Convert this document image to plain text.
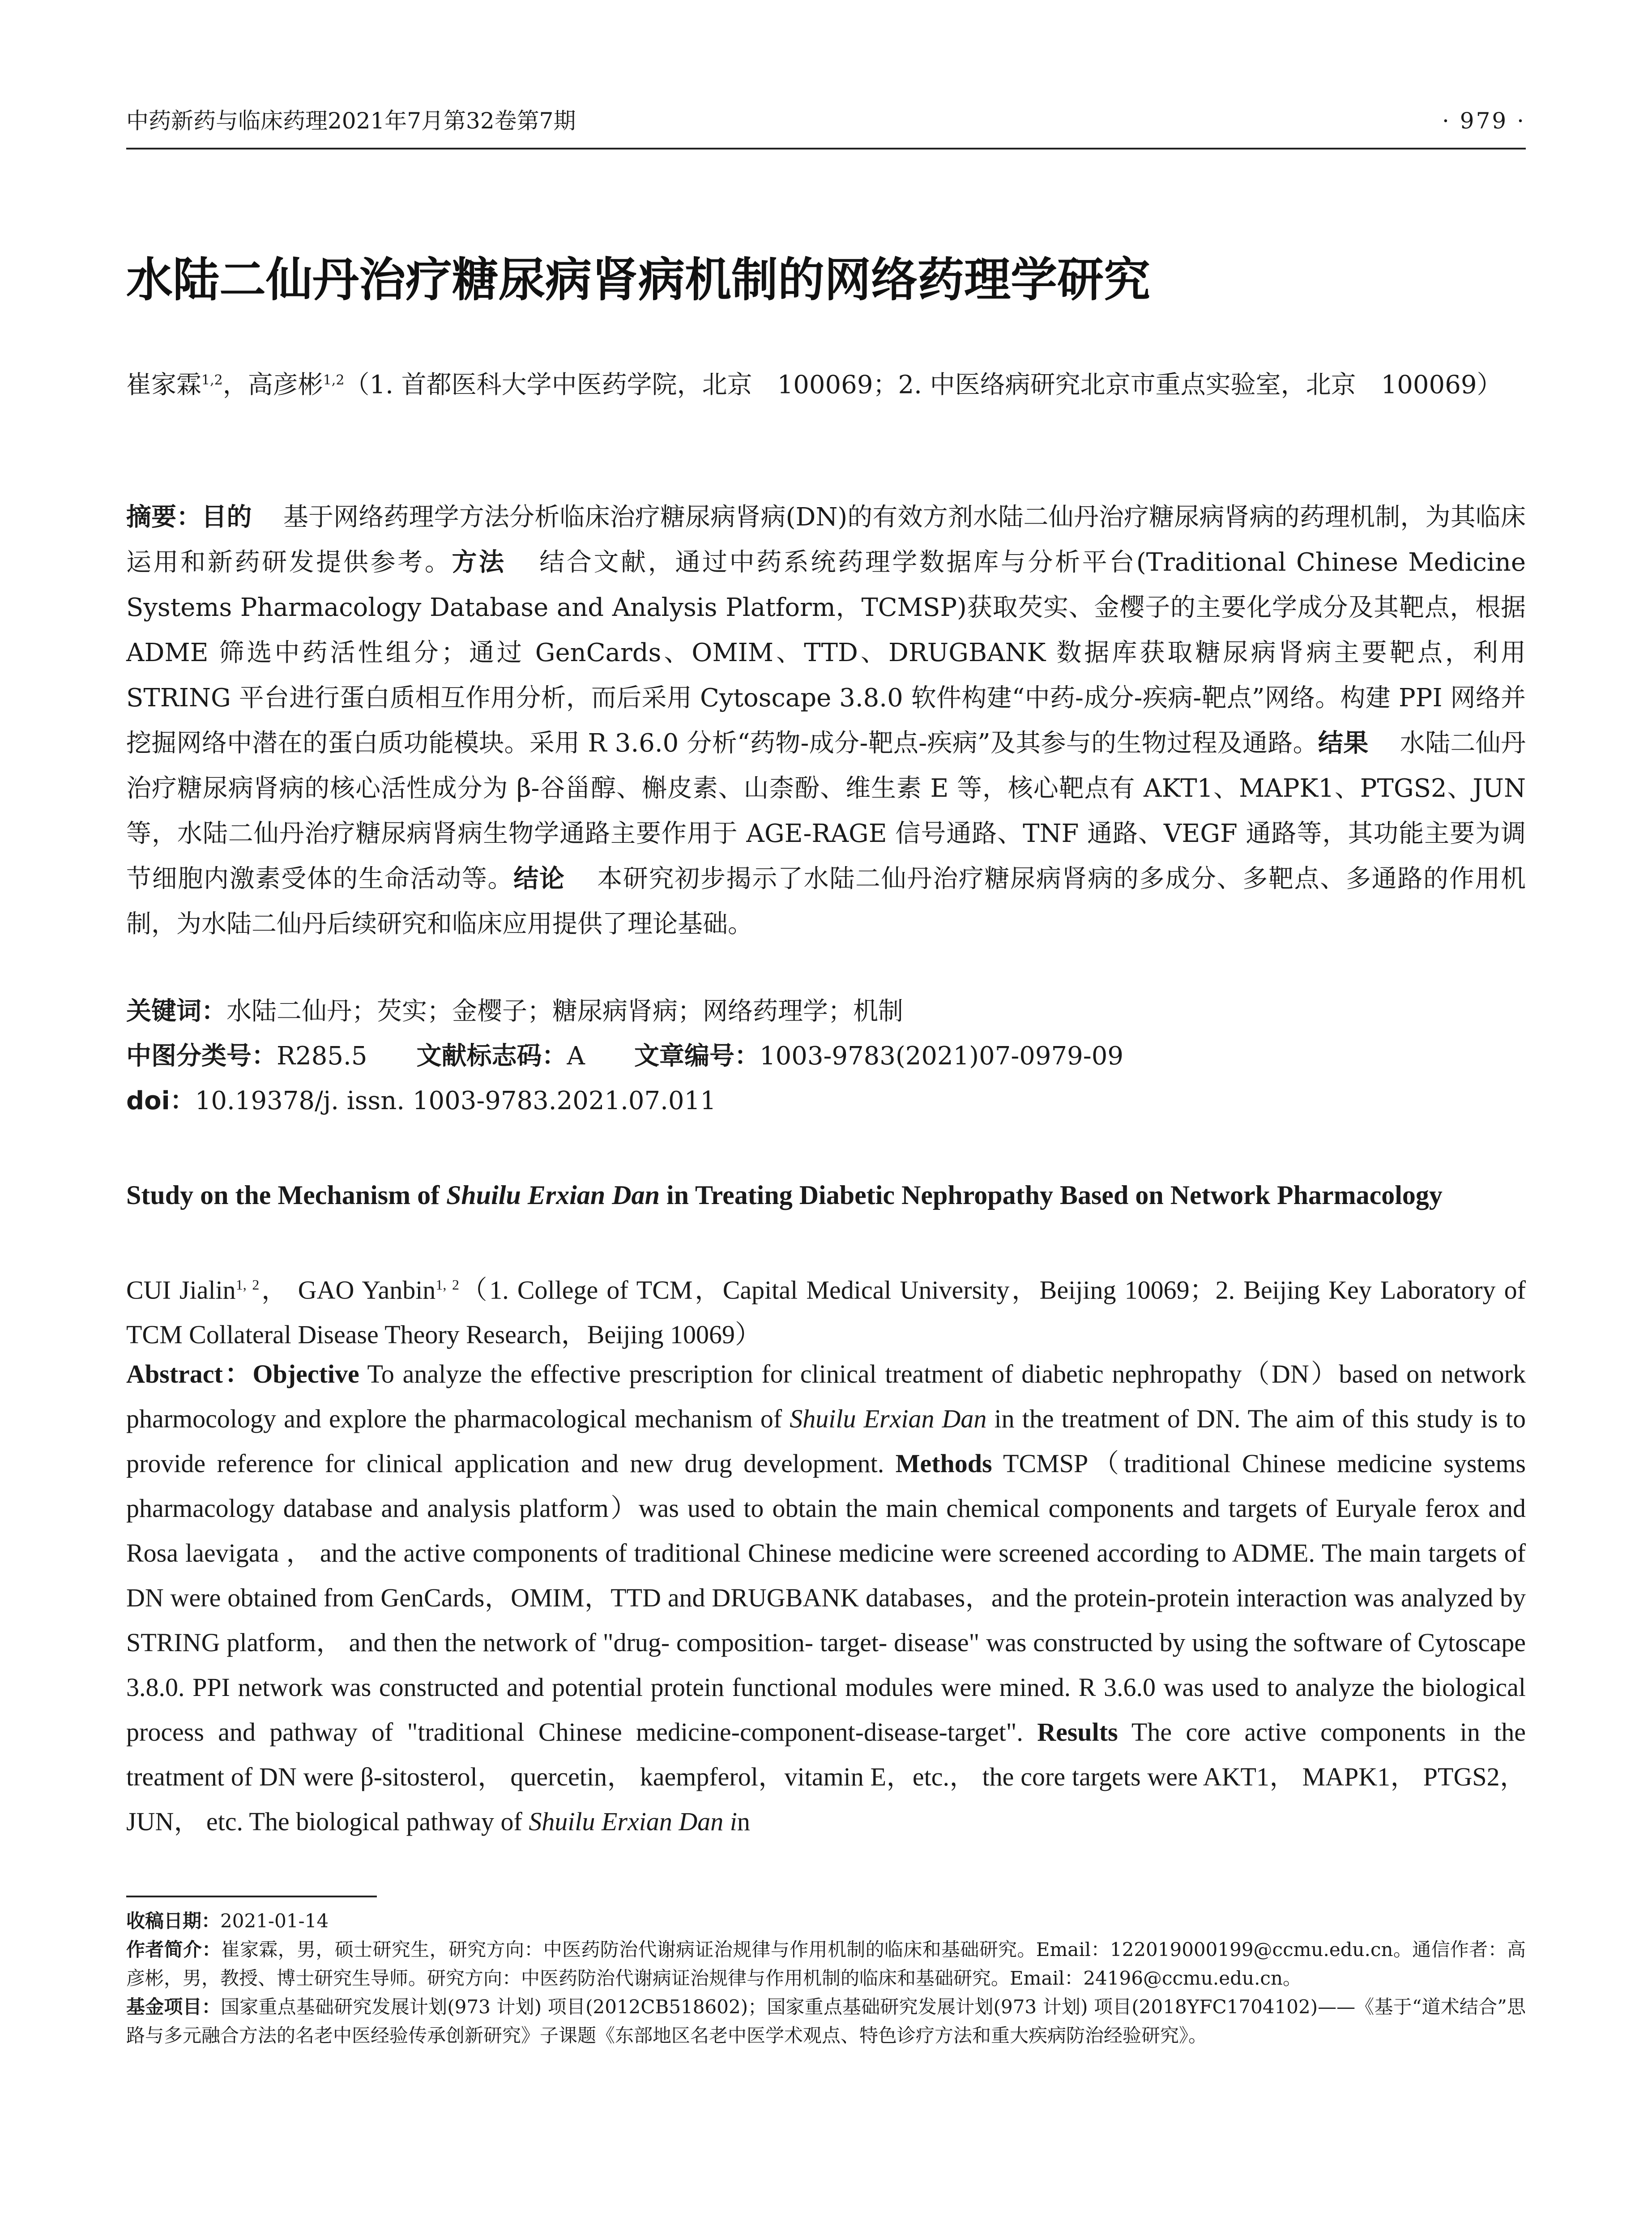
中药新药与临床药理2021年7月第32卷第7期	· 979 ·
水陆二仙丹治疗糖尿病肾病机制的网络药理学研究
崔家霖$^{1,2}$，高彦彬$^{1,2}$（1. 首都医科大学中医药学院，北京　100069；2. 中医络病研究北京市重点实验室，北京　100069）
摘要：目的 基于网络药理学方法分析临床治疗糖尿病肾病(DN)的有效方剂水陆二仙丹治疗糖尿病肾病的药理机制，为其临床运用和新药研发提供参考。方法 结合文献，通过中药系统药理学数据库与分析平台(Traditional Chinese Medicine Systems Pharmacology Database and Analysis Platform，TCMSP)获取芡实、金樱子的主要化学成分及其靶点，根据 ADME 筛选中药活性组分；通过 GenCards、OMIM、TTD、DRUGBANK 数据库获取糖尿病肾病主要靶点，利用 STRING 平台进行蛋白质相互作用分析，而后采用 Cytoscape 3.8.0 软件构建“中药-成分-疾病-靶点”网络。构建 PPI 网络并挖掘网络中潜在的蛋白质功能模块。采用 R 3.6.0 分析“药物-成分-靶点-疾病”及其参与的生物过程及通路。结果 水陆二仙丹治疗糖尿病肾病的核心活性成分为 β-谷甾醇、槲皮素、山柰酚、维生素 E 等，核心靶点有 AKT1、MAPK1、PTGS2、JUN 等，水陆二仙丹治疗糖尿病肾病生物学通路主要作用于 AGE-RAGE 信号通路、TNF 通路、VEGF 通路等，其功能主要为调节细胞内激素受体的生命活动等。结论 本研究初步揭示了水陆二仙丹治疗糖尿病肾病的多成分、多靶点、多通路的作用机制，为水陆二仙丹后续研究和临床应用提供了理论基础。
关键词：水陆二仙丹；芡实；金樱子；糖尿病肾病；网络药理学；机制
中图分类号：R285.5 文献标志码：A 文章编号：1003-9783(2021)07-0979-09
doi：10.19378/j. issn. 1003-9783.2021.07.011
Study on the Mechanism of Shuilu Erxian Dan in Treating Diabetic Nephropathy Based on Network Pharmacology
CUI Jialin$^{1, 2}$， GAO Yanbin$^{1, 2}$（1. College of TCM，Capital Medical University，Beijing 10069；2. Beijing Key Laboratory of TCM Collateral Disease Theory Research，Beijing 10069）
Abstract：Objective To analyze the effective prescription for clinical treatment of diabetic nephropathy（DN）based on network pharmocology and explore the pharmacological mechanism of Shuilu Erxian Dan in the treatment of DN. The aim of this study is to provide reference for clinical application and new drug development. Methods TCMSP（traditional Chinese medicine systems pharmacology database and analysis platform）was used to obtain the main chemical components and targets of Euryale ferox and Rosa laevigata ， and the active components of traditional Chinese medicine were screened according to ADME. The main targets of DN were obtained from GenCards，OMIM，TTD and DRUGBANK databases，and the protein-protein interaction was analyzed by STRING platform， and then the network of "drug- composition- target- disease" was constructed by using the software of Cytoscape 3.8.0. PPI network was constructed and potential protein functional modules were mined. R 3.6.0 was used to analyze the biological process and pathway of "traditional Chinese medicine-component-disease-target". Results The core active components in the treatment of DN were β-sitosterol， quercetin， kaempferol，vitamin E，etc.， the core targets were AKT1， MAPK1， PTGS2， JUN， etc. The biological pathway of Shuilu Erxian Dan in

收稿日期：2021-01-14

作者简介：崔家霖，男，硕士研究生，研究方向：中医药防治代谢病证治规律与作用机制的临床和基础研究。Email：122019000199@ccmu.edu.cn。通信作者：高彦彬，男，教授、博士研究生导师。研究方向：中医药防治代谢病证治规律与作用机制的临床和基础研究。Email：24196@ccmu.edu.cn。

基金项目：国家重点基础研究发展计划(973 计划) 项目(2012CB518602)；国家重点基础研究发展计划(973 计划) 项目(2018YFC1704102)——《基于“道术结合”思路与多元融合方法的名老中医经验传承创新研究》子课题《东部地区名老中医学术观点、特色诊疗方法和重大疾病防治经验研究》。
